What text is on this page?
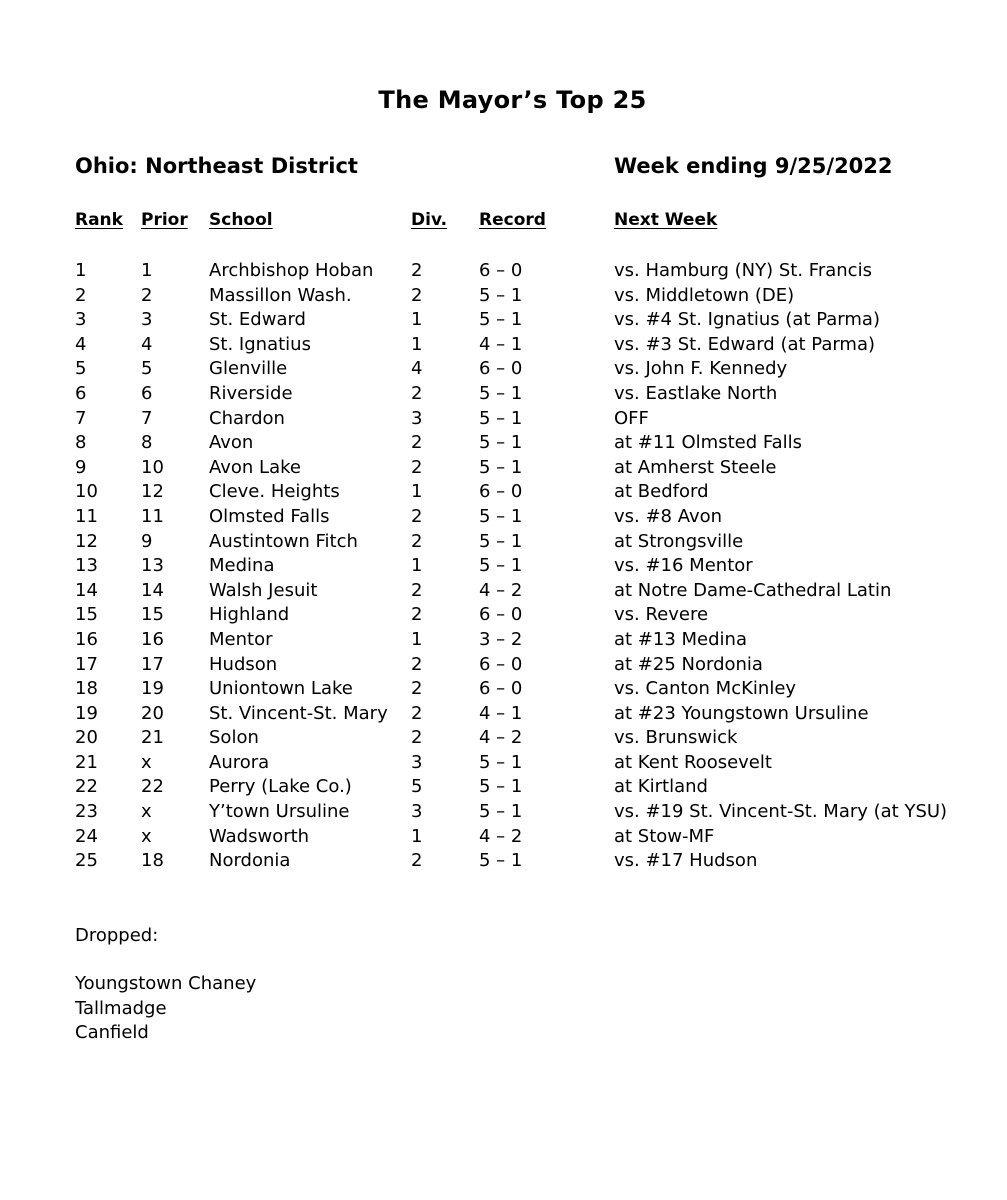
The Mayor’s Top 25
Ohio: Northeast District	Week ending 9/25/2022
Rank Prior School	Div. Record	Next Week
1	1	Archbishop Hoban 2	6 – 0	vs. Hamburg (NY) St. Francis
2	2	Massillon Wash.	2	5 – 1	vs. Middletown (DE)
3	3	St. Edward	1	5 – 1	vs. #4 St. Ignatius (at Parma)
4	4	St. Ignatius	1	4 – 1	vs. #3 St. Edward (at Parma)
5	5	Glenville	4	6 – 0	vs. John F. Kennedy
6	6	Riverside	2	5 – 1	vs. Eastlake North
7	7	Chardon	3	5 – 1	OFF
8	8	Avon	2	5 – 1	at #11 Olmsted Falls
9	10	Avon Lake	2	5 – 1	at Amherst Steele
10 12	Cleve. Heights	1	6 – 0	at Bedford
11 11	Olmsted Falls	2	5 – 1	vs. #8 Avon
12 9	Austintown Fitch	2	5 – 1	at Strongsville
13 13	Medina	1	5 – 1	vs. #16 Mentor
14 14	Walsh Jesuit	2	4 – 2	at Notre Dame-Cathedral Latin
15 15	Highland	2	6 – 0	vs. Revere
16 16	Mentor	1	3 – 2	at #13 Medina
17 17	Hudson	2	6 – 0	at #25 Nordonia
18 19	Uniontown Lake	2	6 – 0	vs. Canton McKinley
19 20	St. Vincent-St. Mary 2	4 – 1	at #23 Youngstown Ursuline
20 21	Solon	2	4 – 2	vs. Brunswick
21 x	Aurora	3	5 – 1	at Kent Roosevelt
22 22	Perry (Lake Co.)	5	5 – 1	at Kirtland
23 x	Y’town Ursuline	3	5 – 1	vs. #19 St. Vincent-St. Mary (at YSU)
24 x	Wadsworth	1	4 – 2	at Stow-MF
25 18	Nordonia	2	5 – 1	vs. #17 Hudson
Dropped:
Youngstown Chaney
Tallmadge
Canfield
